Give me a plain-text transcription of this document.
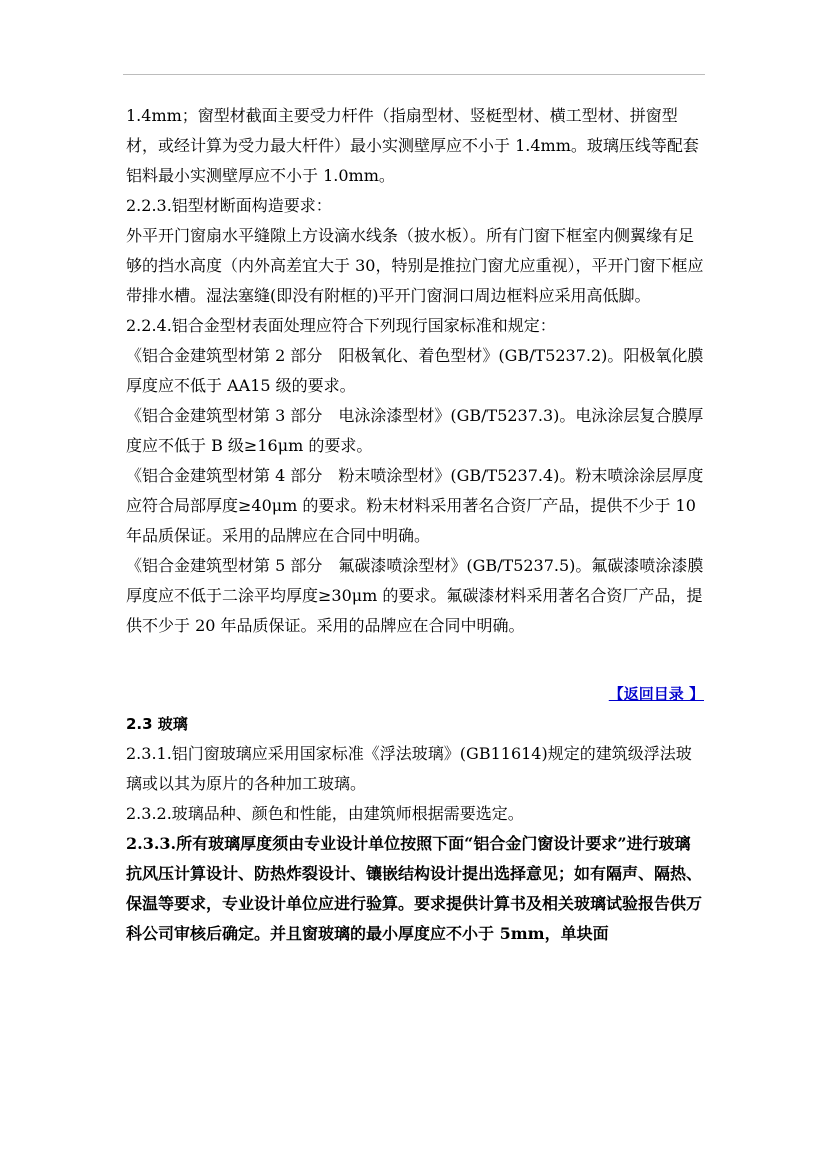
1.4mm；窗型材截面主要受力杆件（指扇型材、竖梃型材、横工型材、拼窗型材，或经计算为受力最大杆件）最小实测壁厚应不小于 1.4mm。玻璃压线等配套铝料最小实测壁厚应不小于 1.0mm。

2.2.3.铝型材断面构造要求：

外平开门窗扇水平缝隙上方设滴水线条（披水板）。所有门窗下框室内侧翼缘有足够的挡水高度（内外高差宜大于 30，特别是推拉门窗尤应重视），平开门窗下框应带排水槽。湿法塞缝(即没有附框的)平开门窗洞口周边框料应采用高低脚。

2.2.4.铝合金型材表面处理应符合下列现行国家标准和规定：

《铝合金建筑型材第 2 部分　阳极氧化、着色型材》(GB/T5237.2)。阳极氧化膜厚度应不低于 AA15 级的要求。

《铝合金建筑型材第 3 部分　电泳涂漆型材》(GB/T5237.3)。电泳涂层复合膜厚度应不低于 B 级≥16μm 的要求。

《铝合金建筑型材第 4 部分　粉末喷涂型材》(GB/T5237.4)。粉末喷涂涂层厚度应符合局部厚度≥40μm 的要求。粉末材料采用著名合资厂产品，提供不少于 10 年品质保证。采用的品牌应在合同中明确。

《铝合金建筑型材第 5 部分　氟碳漆喷涂型材》(GB/T5237.5)。氟碳漆喷涂漆膜厚度应不低于二涂平均厚度≥30μm 的要求。氟碳漆材料采用著名合资厂产品，提供不少于 20 年品质保证。采用的品牌应在合同中明确。

【返回目录 】

2.3 玻璃

2.3.1.铝门窗玻璃应采用国家标准《浮法玻璃》(GB11614)规定的建筑级浮法玻璃或以其为原片的各种加工玻璃。

2.3.2.玻璃品种、颜色和性能，由建筑师根据需要选定。

2.3.3.所有玻璃厚度须由专业设计单位按照下面“铝合金门窗设计要求”进行玻璃抗风压计算设计、防热炸裂设计、镶嵌结构设计提出选择意见；如有隔声、隔热、保温等要求，专业设计单位应进行验算。要求提供计算书及相关玻璃试验报告供万科公司审核后确定。并且窗玻璃的最小厚度应不小于 5mm，单块面
